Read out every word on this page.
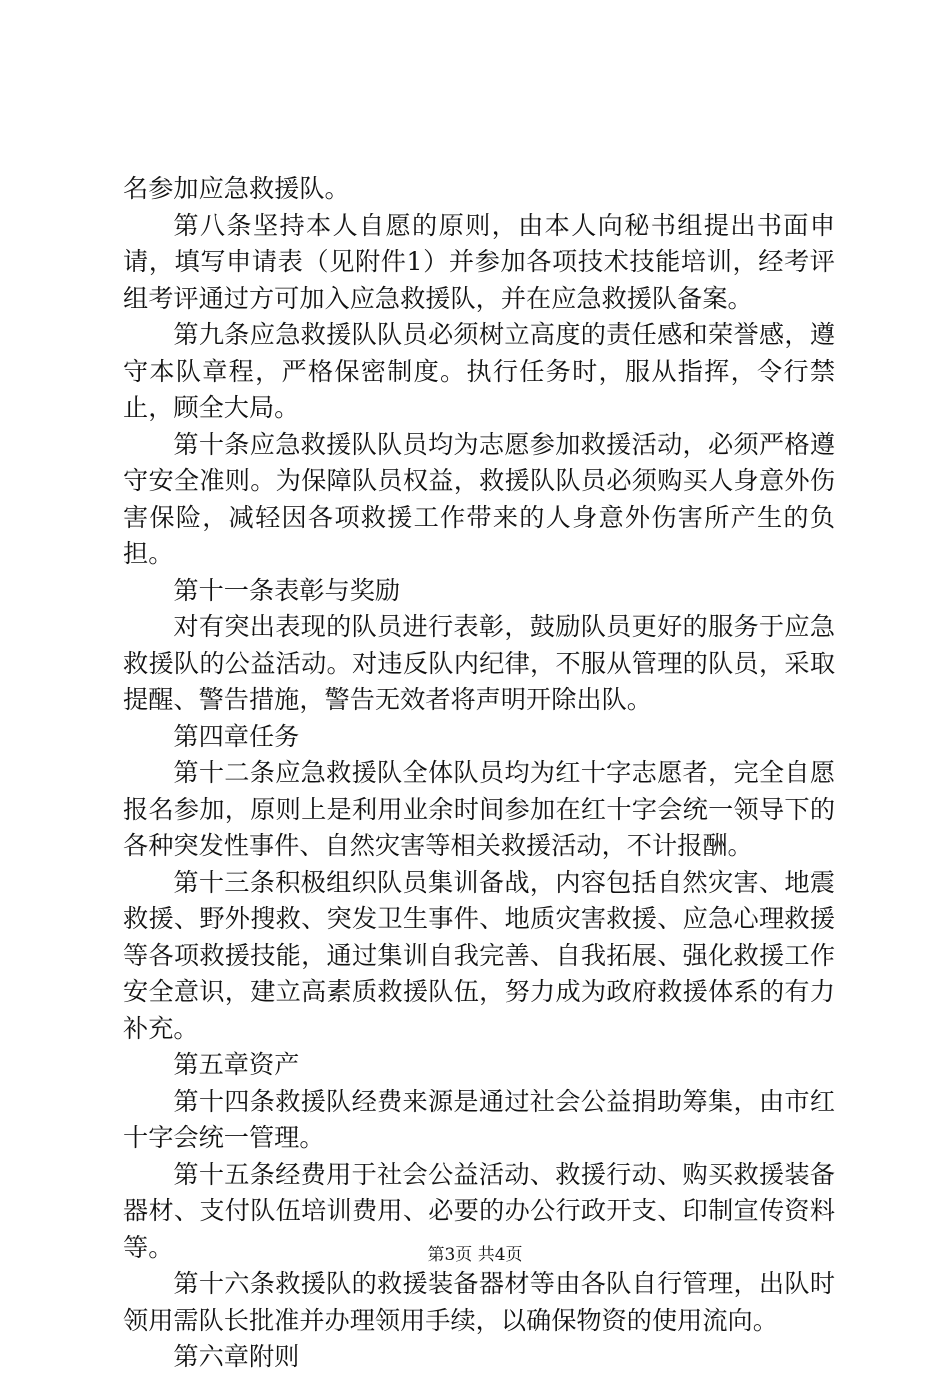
名参加应急救援队。

第八条坚持本人自愿的原则，由本人向秘书组提出书面申请，填写申请表（见附件1）并参加各项技术技能培训，经考评组考评通过方可加入应急救援队，并在应急救援队备案。

第九条应急救援队队员必须树立高度的责任感和荣誉感，遵守本队章程，严格保密制度。执行任务时，服从指挥，令行禁止，顾全大局。

第十条应急救援队队员均为志愿参加救援活动，必须严格遵守安全准则。为保障队员权益，救援队队员必须购买人身意外伤害保险，减轻因各项救援工作带来的人身意外伤害所产生的负担。

第十一条表彰与奖励

对有突出表现的队员进行表彰，鼓励队员更好的服务于应急救援队的公益活动。对违反队内纪律，不服从管理的队员，采取提醒、警告措施，警告无效者将声明开除出队。

第四章任务

第十二条应急救援队全体队员均为红十字志愿者，完全自愿报名参加，原则上是利用业余时间参加在红十字会统一领导下的各种突发性事件、自然灾害等相关救援活动，不计报酬。

第十三条积极组织队员集训备战，内容包括自然灾害、地震救援、野外搜救、突发卫生事件、地质灾害救援、应急心理救援等各项救援技能，通过集训自我完善、自我拓展、强化救援工作安全意识，建立高素质救援队伍，努力成为政府救援体系的有力补充。

第五章资产

第十四条救援队经费来源是通过社会公益捐助筹集，由市红十字会统一管理。

第十五条经费用于社会公益活动、救援行动、购买救援装备器材、支付队伍培训费用、必要的办公行政开支、印制宣传资料等。

第十六条救援队的救援装备器材等由各队自行管理，出队时领用需队长批准并办理领用手续，以确保物资的使用流向。

第六章附则

第3页 共4页
